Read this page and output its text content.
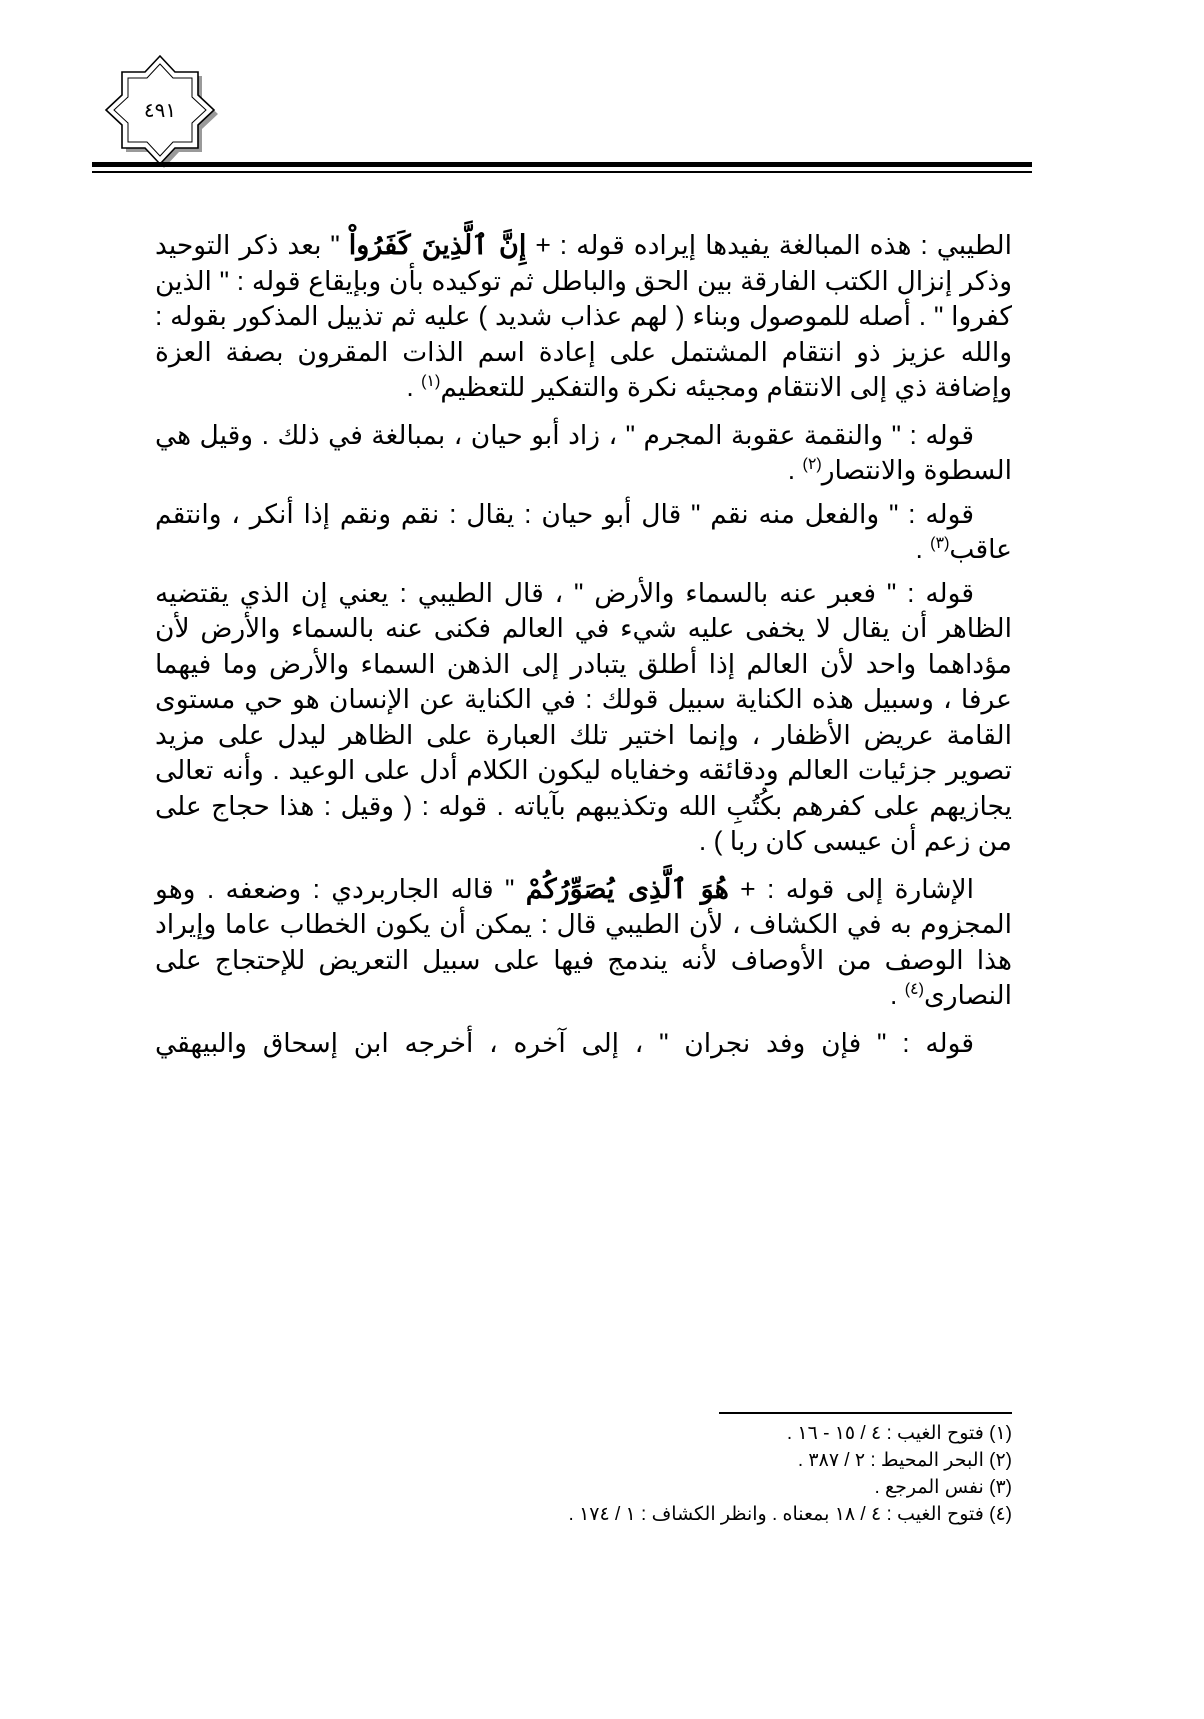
٤٩١

الطيبي : هذه المبالغة يفيدها إيراده قوله : + إِنَّ ٱلَّذِينَ كَفَرُواْ " بعد ذكر التوحيد وذكر إنزال الكتب الفارقة بين الحق والباطل ثم توكيده بأن وبإيقاع قوله : " الذين كفروا " . أصله للموصول وبناء ( لهم عذاب شديد ) عليه ثم تذييل المذكور بقوله : والله عزيز ذو انتقام المشتمل على إعادة اسم الذات المقرون بصفة العزة وإضافة ذي إلى الانتقام ومجيئه نكرة والتفكير للتعظيم$^{(١)}$ .

قوله : " والنقمة عقوبة المجرم " ، زاد أبو حيان ، بمبالغة في ذلك . وقيل هي السطوة والانتصار$^{(٢)}$ .

قوله : " والفعل منه نقم " قال أبو حيان : يقال : نقم ونقم إذا أنكر ، وانتقم عاقب$^{(٣)}$ .

قوله : " فعبر عنه بالسماء والأرض " ، قال الطيبي : يعني إن الذي يقتضيه الظاهر أن يقال لا يخفى عليه شيء في العالم فكنى عنه بالسماء والأرض لأن مؤداهما واحد لأن العالم إذا أطلق يتبادر إلى الذهن السماء والأرض وما فيهما عرفا ، وسبيل هذه الكناية سبيل قولك : في الكناية عن الإنسان هو حي مستوى القامة عريض الأظفار ، وإنما اختير تلك العبارة على الظاهر ليدل على مزيد تصوير جزئيات العالم ودقائقه وخفاياه ليكون الكلام أدل على الوعيد . وأنه تعالى يجازيهم على كفرهم بكُتُبِ الله وتكذيبهم بآياته . قوله : ( وقيل : هذا حجاج على من زعم أن عيسى كان ربا ) .

الإشارة إلى قوله : + هُوَ ٱلَّذِى يُصَوِّرُكُمْ " قاله الجاربردي : وضعفه . وهو المجزوم به في الكشاف ، لأن الطيبي قال : يمكن أن يكون الخطاب عاما وإيراد هذا الوصف من الأوصاف لأنه يندمج فيها على سبيل التعريض للإحتجاج على النصارى$^{(٤)}$ .

قوله : " فإن وفد نجران " ، إلى آخره ، أخرجه ابن إسحاق والبيهقي

(١) فتوح الغيب : ٤ / ١٥ - ١٦ .
(٢) البحر المحيط : ٢ / ٣٨٧ .
(٣) نفس المرجع .
(٤) فتوح الغيب : ٤ / ١٨ بمعناه . وانظر الكشاف : ١ / ١٧٤ .
